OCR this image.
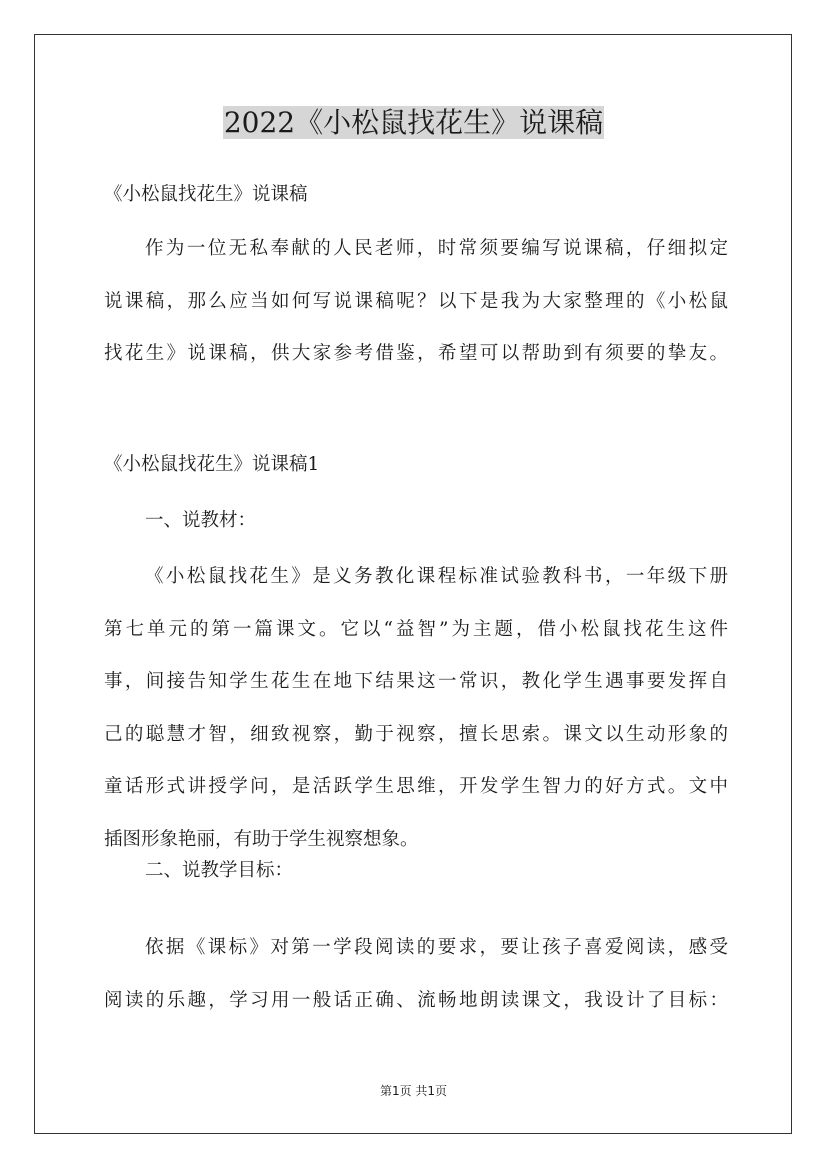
2022《小松鼠找花生》说课稿
《小松鼠找花生》说课稿
作为一位无私奉献的人民老师，时常须要编写说课稿，仔细拟定
说课稿，那么应当如何写说课稿呢？以下是我为大家整理的《小松鼠
找花生》说课稿，供大家参考借鉴，希望可以帮助到有须要的挚友。
《小松鼠找花生》说课稿1
一、说教材：
《小松鼠找花生》是义务教化课程标准试验教科书，一年级下册
第七单元的第一篇课文。它以“益智”为主题，借小松鼠找花生这件
事，间接告知学生花生在地下结果这一常识，教化学生遇事要发挥自
己的聪慧才智，细致视察，勤于视察，擅长思索。课文以生动形象的
童话形式讲授学问，是活跃学生思维，开发学生智力的好方式。文中
插图形象艳丽，有助于学生视察想象。
二、说教学目标：
依据《课标》对第一学段阅读的要求，要让孩子喜爱阅读，感受
阅读的乐趣，学习用一般话正确、流畅地朗读课文，我设计了目标：
第1页 共1页
